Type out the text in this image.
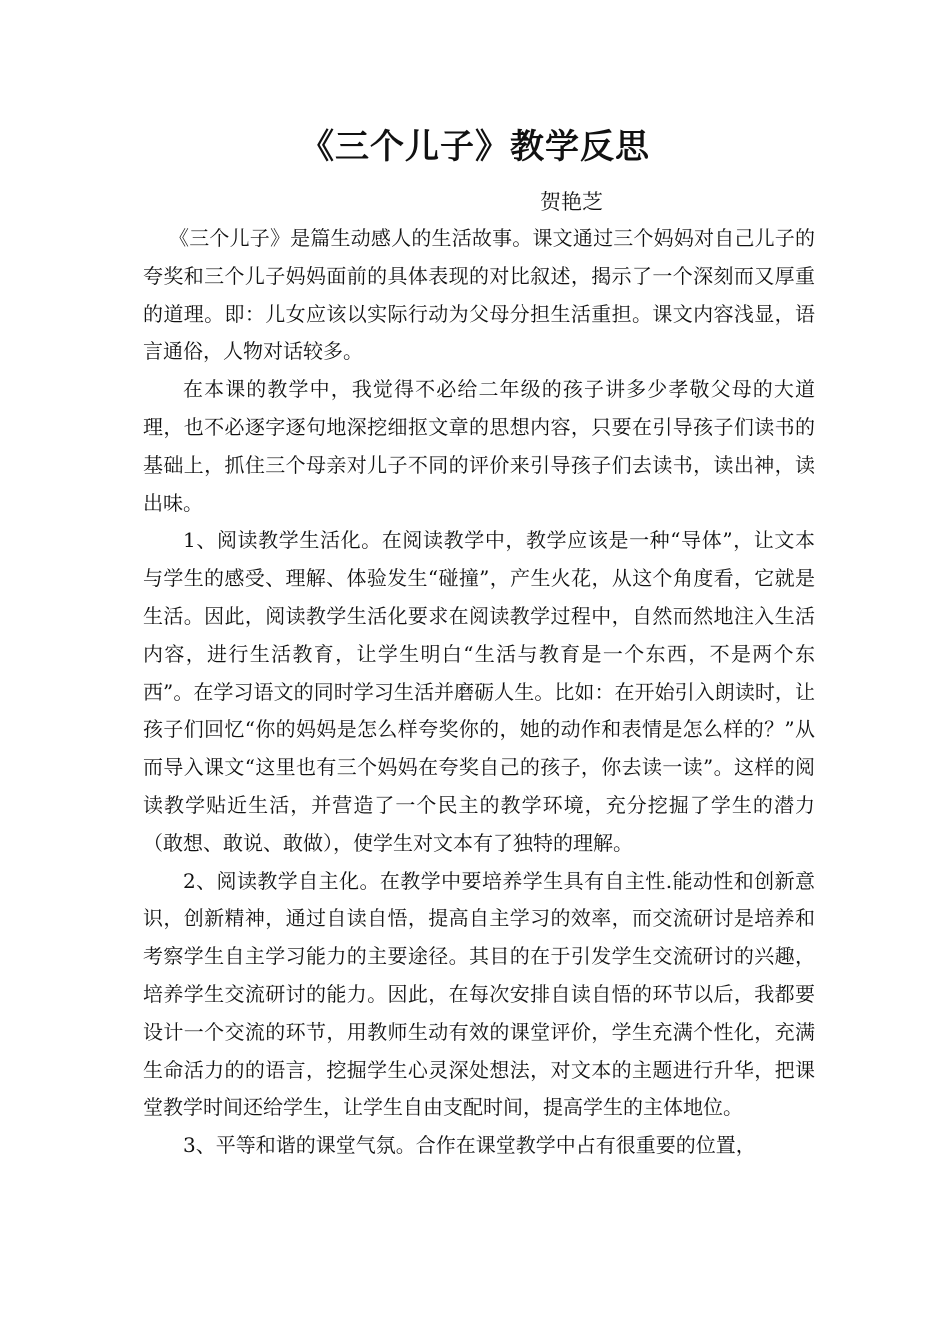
《三个儿子》教学反思
贺艳芝

《三个儿子》是篇生动感人的生活故事。课文通过三个妈妈对自己儿子的夸奖和三个儿子妈妈面前的具体表现的对比叙述，揭示了一个深刻而又厚重的道理。即：儿女应该以实际行动为父母分担生活重担。课文内容浅显，语言通俗，人物对话较多。

在本课的教学中，我觉得不必给二年级的孩子讲多少孝敬父母的大道理，也不必逐字逐句地深挖细抠文章的思想内容，只要在引导孩子们读书的基础上，抓住三个母亲对儿子不同的评价来引导孩子们去读书，读出神，读出味。

1、阅读教学生活化。在阅读教学中，教学应该是一种“导体”，让文本与学生的感受、理解、体验发生“碰撞”，产生火花，从这个角度看，它就是生活。因此，阅读教学生活化要求在阅读教学过程中，自然而然地注入生活内容，进行生活教育，让学生明白“生活与教育是一个东西，不是两个东西”。在学习语文的同时学习生活并磨砺人生。比如：在开始引入朗读时，让孩子们回忆“你的妈妈是怎么样夸奖你的，她的动作和表情是怎么样的？”从而导入课文“这里也有三个妈妈在夸奖自己的孩子，你去读一读”。这样的阅读教学贴近生活，并营造了一个民主的教学环境，充分挖掘了学生的潜力（敢想、敢说、敢做），使学生对文本有了独特的理解。

2、阅读教学自主化。在教学中要培养学生具有自主性.能动性和创新意识，创新精神，通过自读自悟，提高自主学习的效率，而交流研讨是培养和考察学生自主学习能力的主要途径。其目的在于引发学生交流研讨的兴趣，培养学生交流研讨的能力。因此，在每次安排自读自悟的环节以后，我都要设计一个交流的环节，用教师生动有效的课堂评价，学生充满个性化，充满生命活力的的语言，挖掘学生心灵深处想法，对文本的主题进行升华，把课堂教学时间还给学生，让学生自由支配时间，提高学生的主体地位。

3、平等和谐的课堂气氛。合作在课堂教学中占有很重要的位置，
